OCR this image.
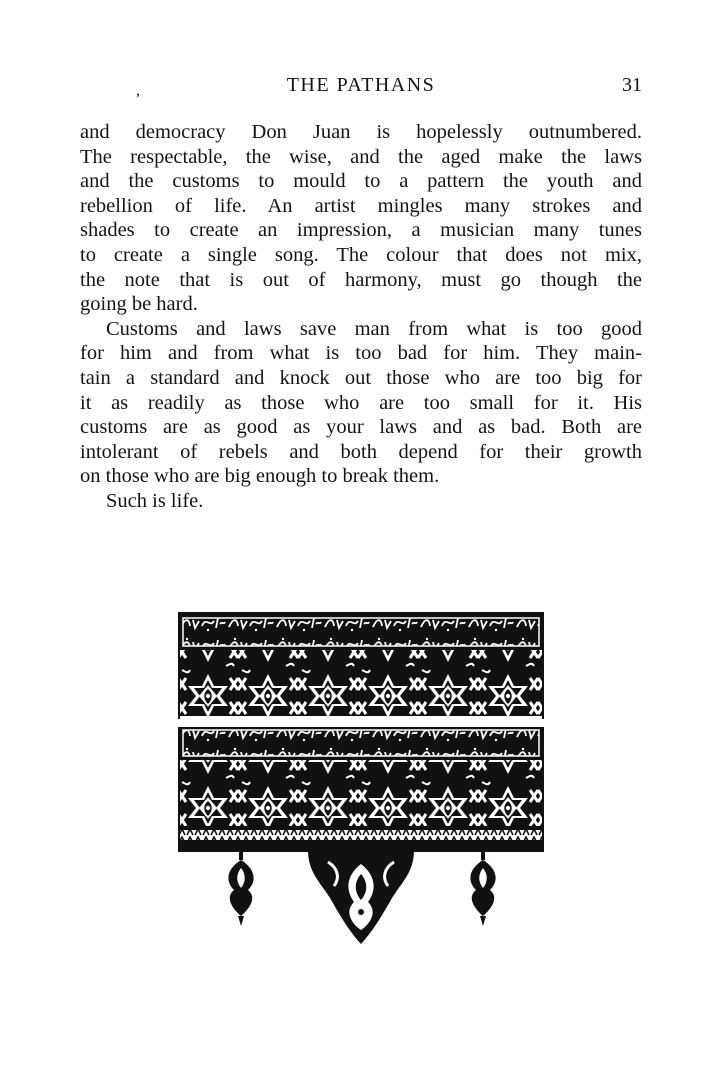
,	THE PATHANS	31
and democracy Don Juan is hopelessly outnumbered.
The respectable, the wise, and the aged make the laws
and the customs to mould to a pattern the youth and
rebellion of life. An artist mingles many strokes and
shades to create an impression, a musician many tunes
to create a single song. The colour that does not mix,
the note that is out of harmony, must go though the
going be hard.
Customs and laws save man from what is too good
for him and from what is too bad for him. They main-
tain a standard and knock out those who are too big for
it as readily as those who are too small for it. His
customs are as good as your laws and as bad. Both are
intolerant of rebels and both depend for their growth
on those who are big enough to break them.
Such is life.
